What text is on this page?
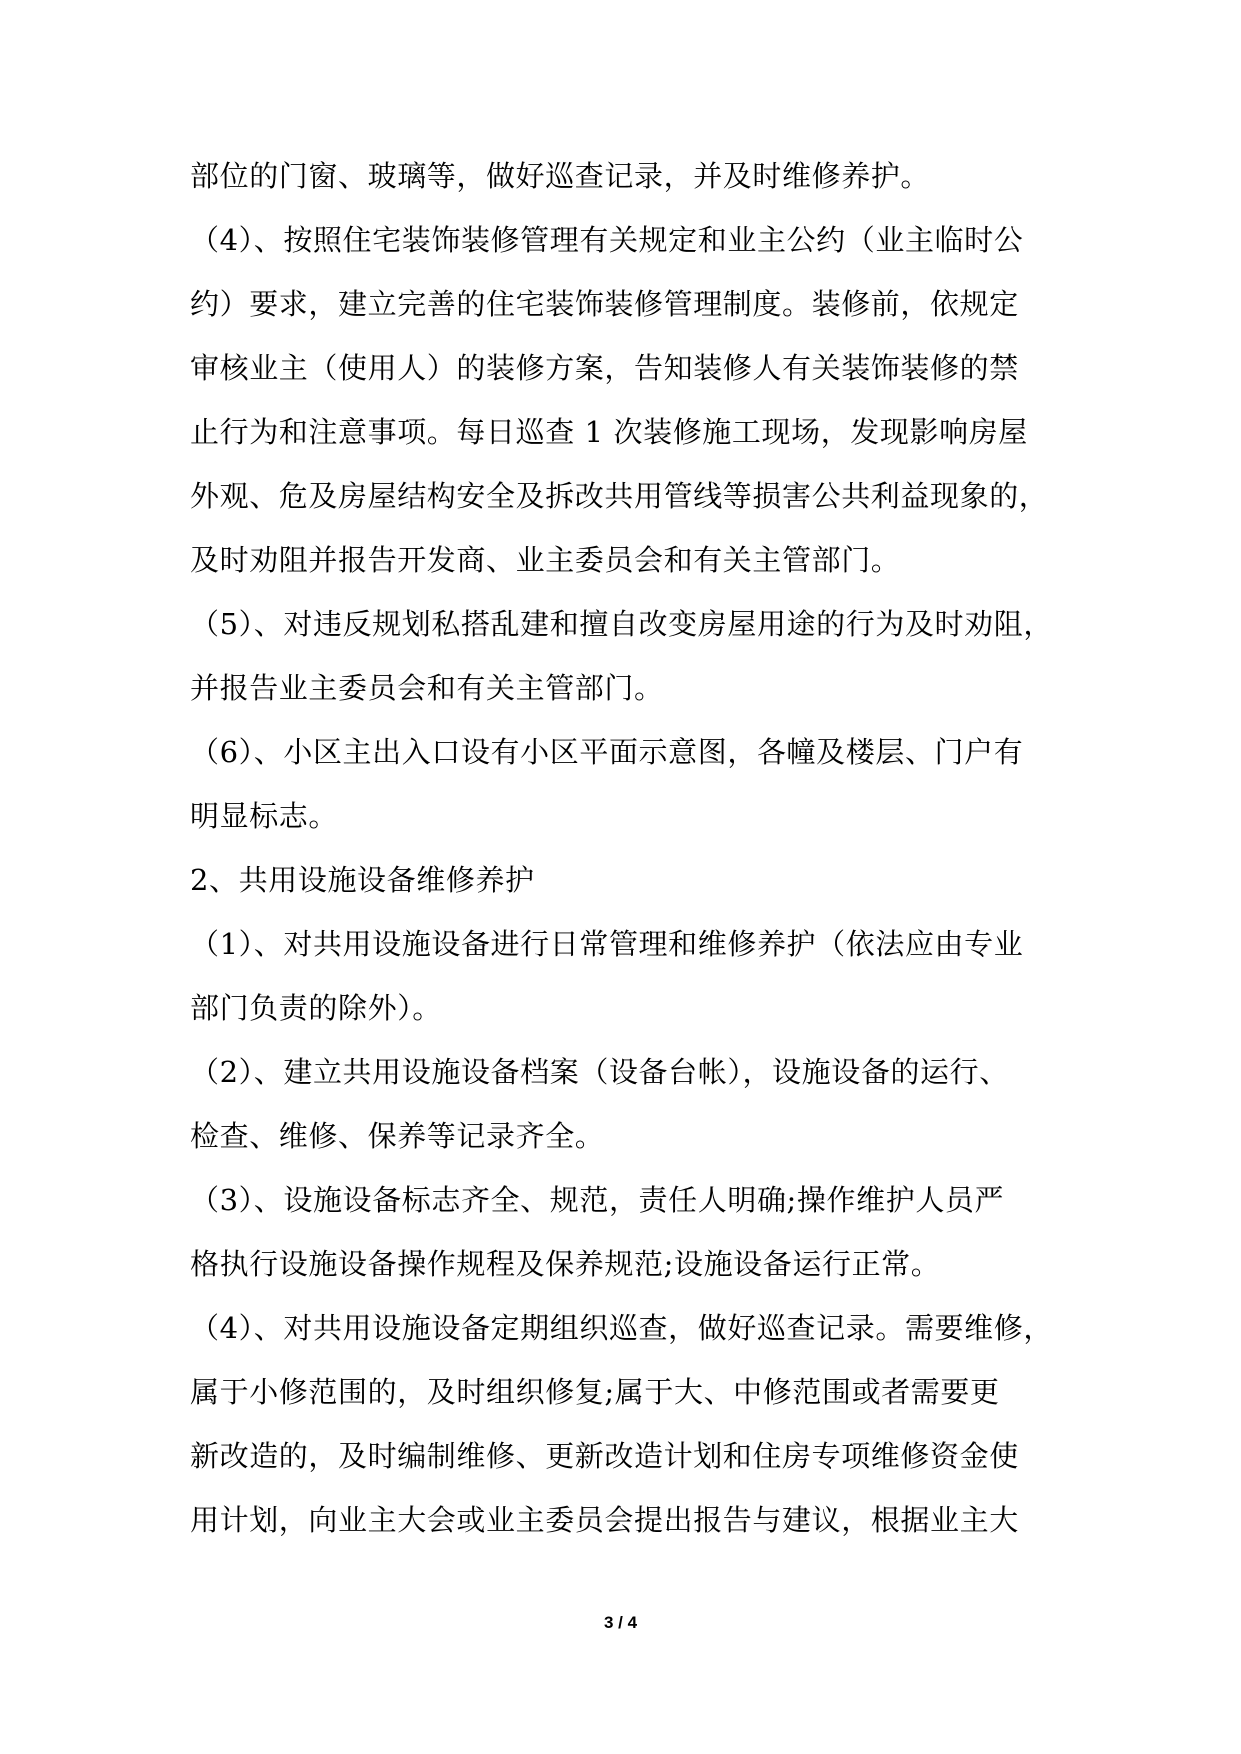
部位的门窗、玻璃等，做好巡查记录，并及时维修养护。
（4）、按照住宅装饰装修管理有关规定和业主公约（业主临时公
约）要求，建立完善的住宅装饰装修管理制度。装修前，依规定
审核业主（使用人）的装修方案，告知装修人有关装饰装修的禁
止行为和注意事项。每日巡查 1 次装修施工现场，发现影响房屋
外观、危及房屋结构安全及拆改共用管线等损害公共利益现象的，
及时劝阻并报告开发商、业主委员会和有关主管部门。
（5）、对违反规划私搭乱建和擅自改变房屋用途的行为及时劝阻，
并报告业主委员会和有关主管部门。
（6）、小区主出入口设有小区平面示意图，各幢及楼层、门户有
明显标志。
2、共用设施设备维修养护
（1）、对共用设施设备进行日常管理和维修养护（依法应由专业
部门负责的除外）。
（2）、建立共用设施设备档案（设备台帐），设施设备的运行、
检查、维修、保养等记录齐全。
（3）、设施设备标志齐全、规范，责任人明确;操作维护人员严
格执行设施设备操作规程及保养规范;设施设备运行正常。
（4）、对共用设施设备定期组织巡查，做好巡查记录。需要维修，
属于小修范围的，及时组织修复;属于大、中修范围或者需要更
新改造的，及时编制维修、更新改造计划和住房专项维修资金使
用计划，向业主大会或业主委员会提出报告与建议，根据业主大
3 / 4
